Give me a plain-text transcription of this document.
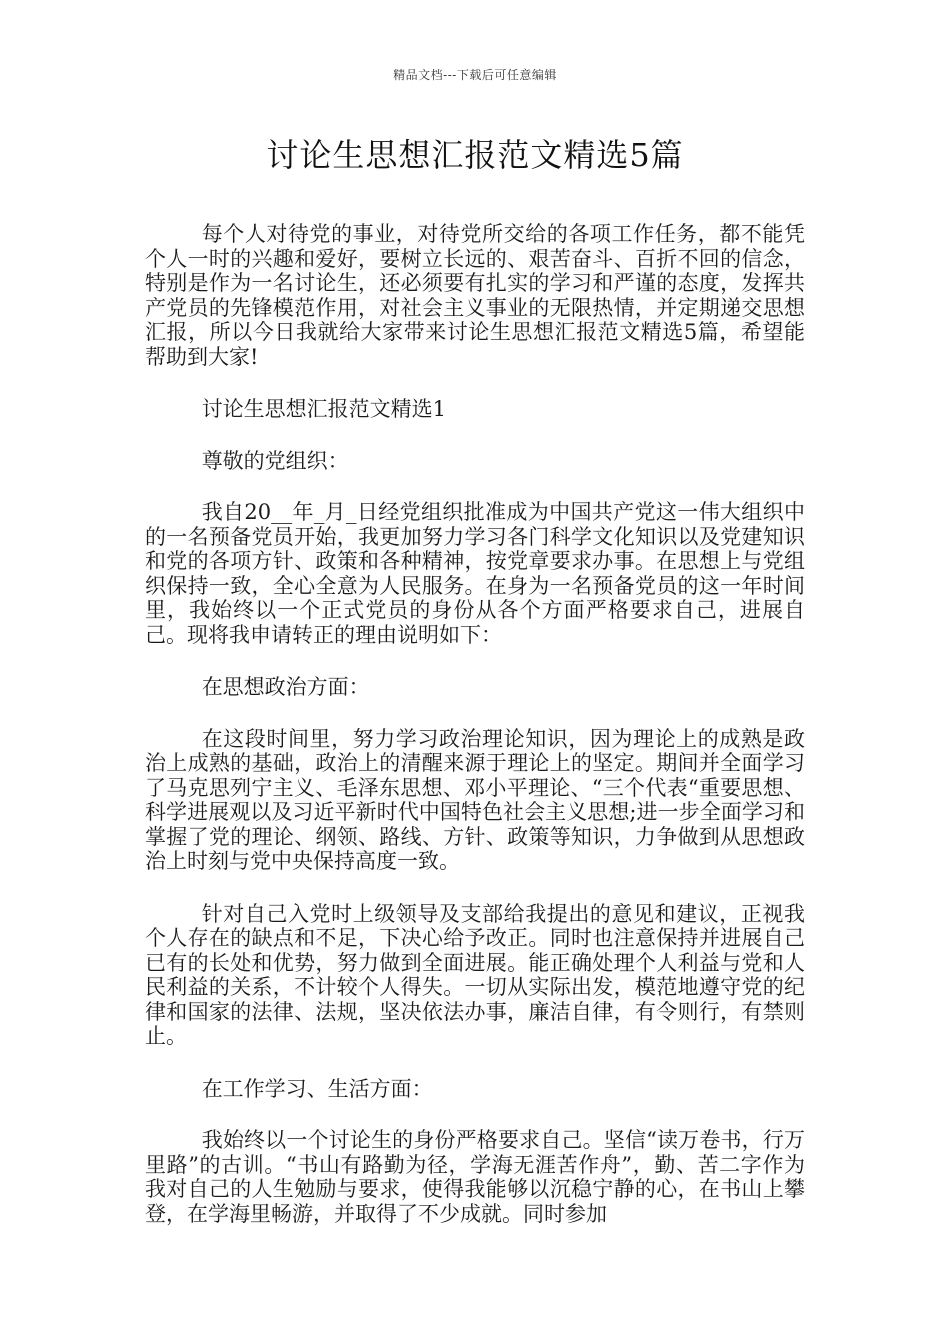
精品文档---下载后可任意编辑
讨论生思想汇报范文精选5篇

每个人对待党的事业，对待党所交给的各项工作任务，都不能凭个人一时的兴趣和爱好，要树立长远的、艰苦奋斗、百折不回的信念，特别是作为一名讨论生，还必须要有扎实的学习和严谨的态度，发挥共产党员的先锋模范作用，对社会主义事业的无限热情，并定期递交思想汇报，所以今日我就给大家带来讨论生思想汇报范文精选5篇，希望能帮助到大家!

讨论生思想汇报范文精选1

尊敬的党组织：

我自20__年_月_日经党组织批准成为中国共产党这一伟大组织中的一名预备党员开始，我更加努力学习各门科学文化知识以及党建知识和党的各项方针、政策和各种精神，按党章要求办事。在思想上与党组织保持一致，全心全意为人民服务。在身为一名预备党员的这一年时间里，我始终以一个正式党员的身份从各个方面严格要求自己，进展自己。现将我申请转正的理由说明如下：

在思想政治方面：

在这段时间里，努力学习政治理论知识，因为理论上的成熟是政治上成熟的基础，政治上的清醒来源于理论上的坚定。期间并全面学习了马克思列宁主义、毛泽东思想、邓小平理论、“三个代表“重要思想、科学进展观以及习近平新时代中国特色社会主义思想;进一步全面学习和掌握了党的理论、纲领、路线、方针、政策等知识，力争做到从思想政治上时刻与党中央保持高度一致。

针对自己入党时上级领导及支部给我提出的意见和建议，正视我个人存在的缺点和不足，下决心给予改正。同时也注意保持并进展自己已有的长处和优势，努力做到全面进展。能正确处理个人利益与党和人民利益的关系，不计较个人得失。一切从实际出发，模范地遵守党的纪律和国家的法律、法规，坚决依法办事，廉洁自律，有令则行，有禁则止。

在工作学习、生活方面：

我始终以一个讨论生的身份严格要求自己。坚信“读万卷书，行万里路”的古训。“书山有路勤为径，学海无涯苦作舟”，勤、苦二字作为我对自己的人生勉励与要求，使得我能够以沉稳宁静的心，在书山上攀登，在学海里畅游，并取得了不少成就。同时参加
